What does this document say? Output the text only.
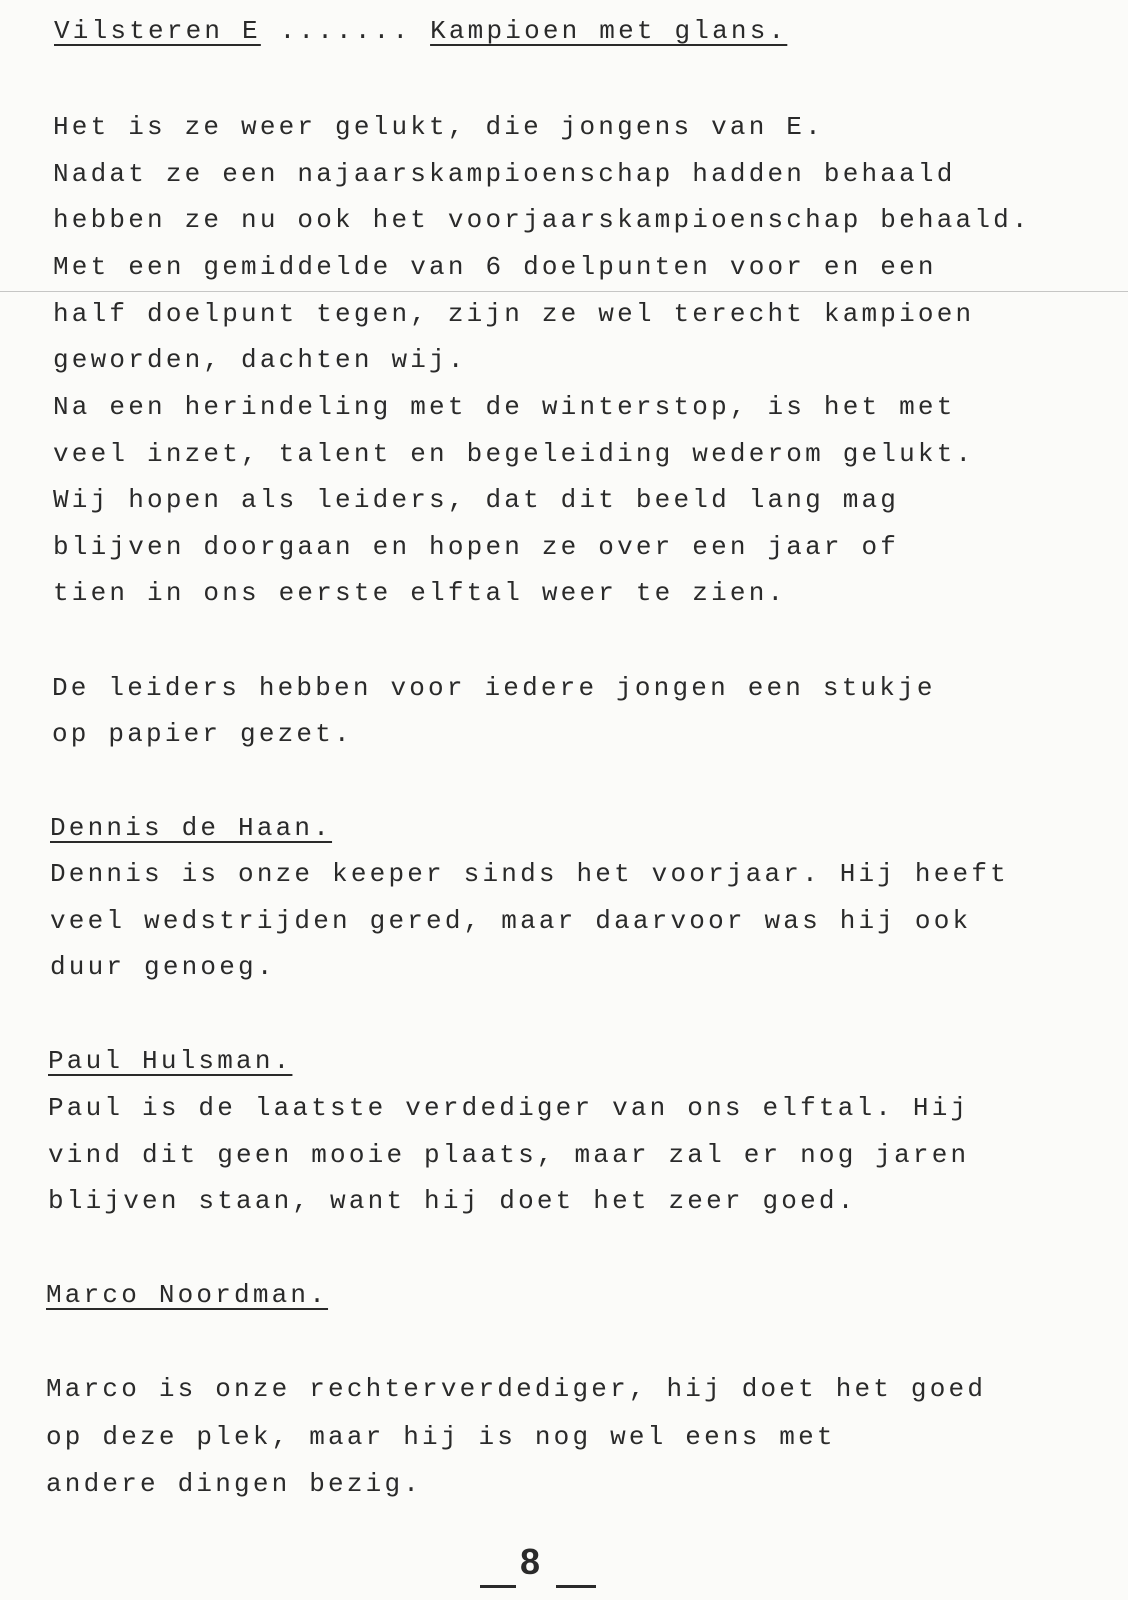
Vilsteren E ....... Kampioen met glans.
Het is ze weer gelukt, die jongens van E.
Nadat ze een najaarskampioenschap hadden behaald
hebben ze nu ook het voorjaarskampioenschap behaald.
Met een gemiddelde van 6 doelpunten voor en een
half doelpunt tegen, zijn ze wel terecht kampioen
geworden, dachten wij.
Na een herindeling met de winterstop, is het met
veel inzet, talent en begeleiding wederom gelukt.
Wij hopen als leiders, dat dit beeld lang mag
blijven doorgaan en hopen ze over een jaar of
tien in ons eerste elftal weer te zien.
De leiders hebben voor iedere jongen een stukje
op papier gezet.
Dennis de Haan.
Dennis is onze keeper sinds het voorjaar. Hij heeft
veel wedstrijden gered, maar daarvoor was hij ook
duur genoeg.
Paul Hulsman.
Paul is de laatste verdediger van ons elftal. Hij
vind dit geen mooie plaats, maar zal er nog jaren
blijven staan, want hij doet het zeer goed.
Marco Noordman.
Marco is onze rechterverdediger, hij doet het goed
op deze plek, maar hij is nog wel eens met
andere dingen bezig.
8
